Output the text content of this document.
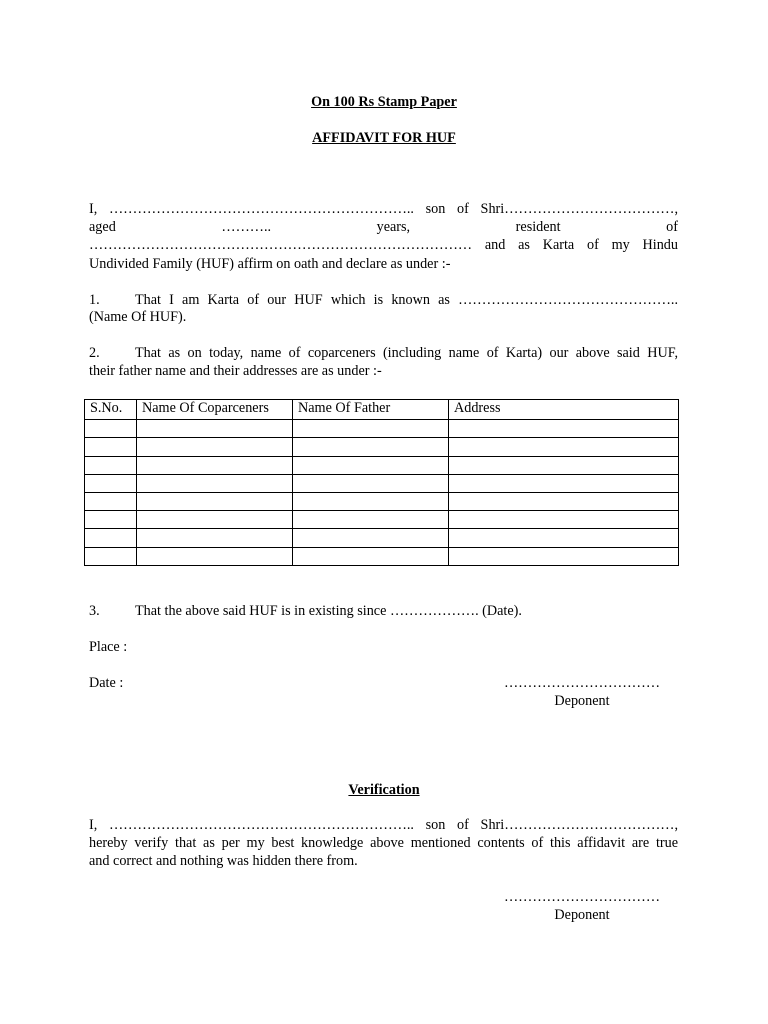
On 100 Rs Stamp Paper
AFFIDAVIT FOR HUF
I, ……………………………………………………….. son of Shri………………………………,
aged	………..	years,	resident	of
……………………………………………………………………… and as Karta of my Hindu
Undivided Family (HUF) affirm on oath and declare as under :-
1. That I am Karta of our HUF which is known as ………………………………………..
(Name Of HUF).
2.	That as on today, name of coparceners (including name of Karta) our above said HUF,
their father name and their addresses are as under :-
S.No.	Name Of Coparceners	Name Of Father	Address

3. That the above said HUF is in existing since ………………. (Date).
Place :
Date :	……………………………
Deponent
Verification
I, ……………………………………………………….. son of Shri………………………………,
hereby verify that as per my best knowledge above mentioned contents of this affidavit are true
and correct and nothing was hidden there from.
……………………………
Deponent
